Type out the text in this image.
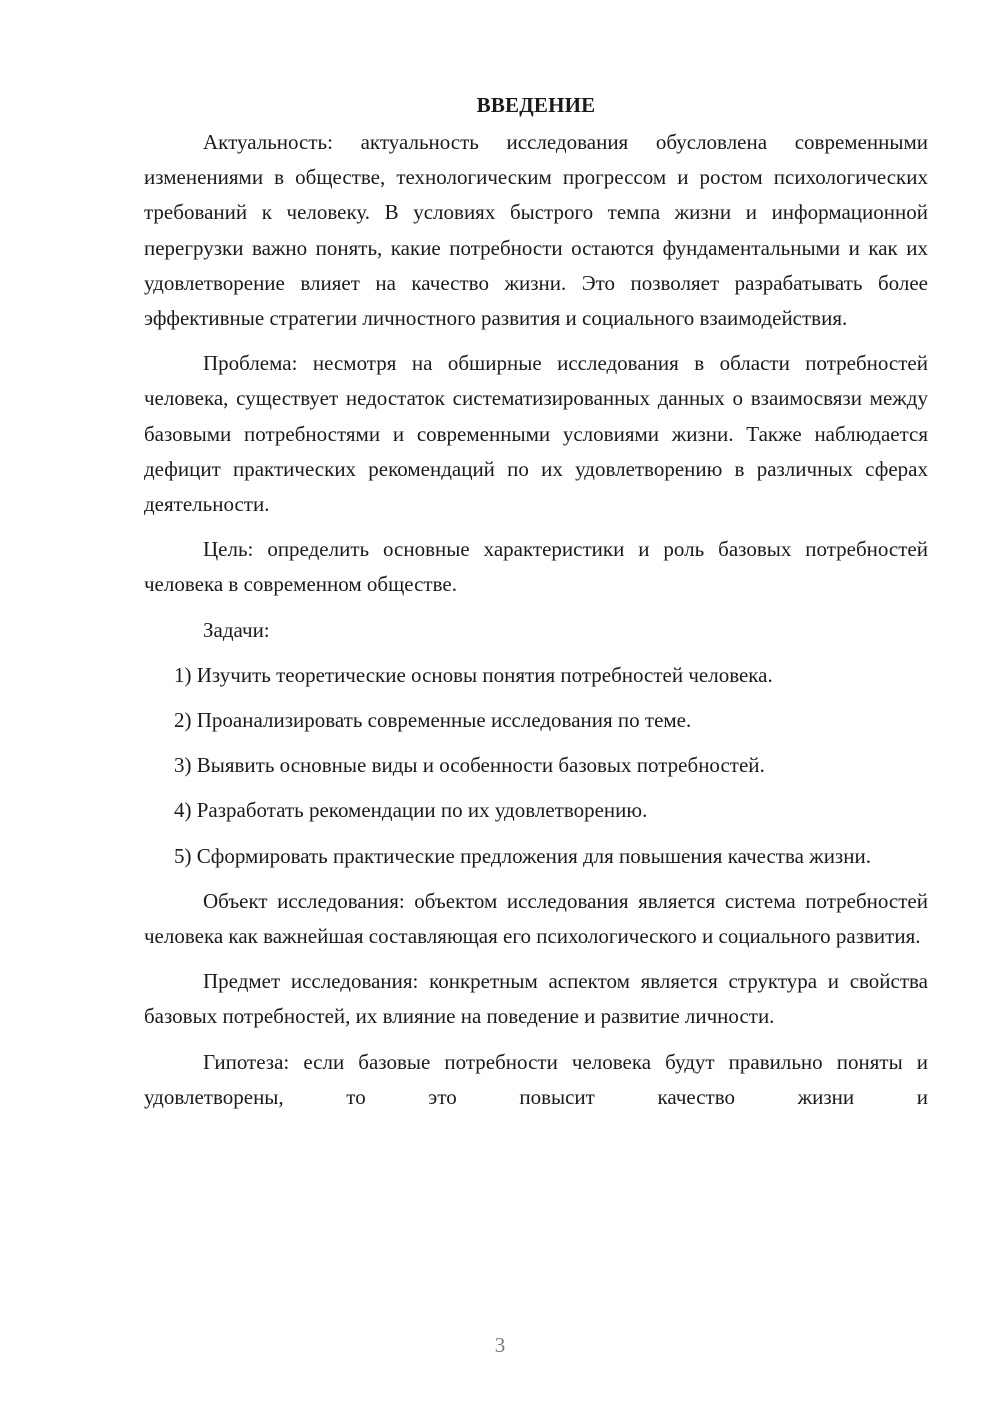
ВВЕДЕНИЕ

Актуальность: актуальность исследования обусловлена современными изменениями в обществе, технологическим прогрессом и ростом психологических требований к человеку. В условиях быстрого темпа жизни и информационной перегрузки важно понять, какие потребности остаются фундаментальными и как их удовлетворение влияет на качество жизни. Это позволяет разрабатывать более эффективные стратегии личностного развития и социального взаимодействия.

Проблема: несмотря на обширные исследования в области потребностей человека, существует недостаток систематизированных данных о взаимосвязи между базовыми потребностями и современными условиями жизни. Также наблюдается дефицит практических рекомендаций по их удовлетворению в различных сферах деятельности.

Цель: определить основные характеристики и роль базовых потребностей человека в современном обществе.

Задачи:

1) Изучить теоретические основы понятия потребностей человека.

2) Проанализировать современные исследования по теме.

3) Выявить основные виды и особенности базовых потребностей.

4) Разработать рекомендации по их удовлетворению.

5) Сформировать практические предложения для повышения качества жизни.

Объект исследования: объектом исследования является система потребностей человека как важнейшая составляющая его психологического и социального развития.

Предмет исследования: конкретным аспектом является структура и свойства базовых потребностей, их влияние на поведение и развитие личности.

Гипотеза: если базовые потребности человека будут правильно поняты и удовлетворены, то это повысит качество жизни и

3
